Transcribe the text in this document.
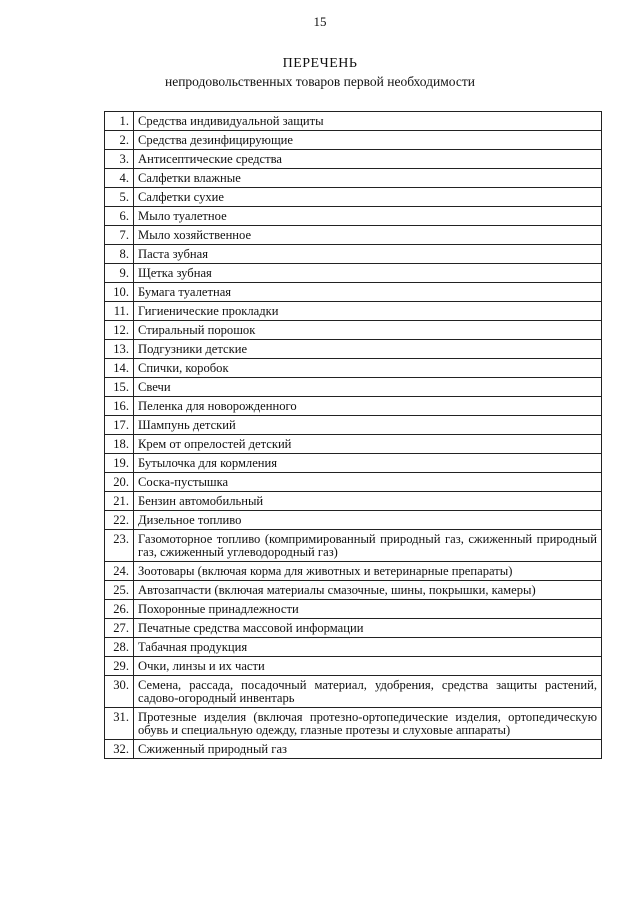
15
ПЕРЕЧЕНЬ
непродовольственных товаров первой необходимости
1.	Средства индивидуальной защиты
2.	Средства дезинфицирующие
3.	Антисептические средства
4.	Салфетки влажные
5.	Салфетки сухие
6.	Мыло туалетное
7.	Мыло хозяйственное
8.	Паста зубная
9.	Щетка зубная
10.	Бумага туалетная
11.	Гигиенические прокладки
12.	Стиральный порошок
13.	Подгузники детские
14.	Спички, коробок
15.	Свечи
16.	Пеленка для новорожденного
17.	Шампунь детский
18.	Крем от опрелостей детский
19.	Бутылочка для кормления
20.	Соска-пустышка
21.	Бензин автомобильный
22.	Дизельное топливо
23.	Газомоторное топливо (компримированный природный газ, сжиженный природный газ, сжиженный углеводородный газ)
24.	Зоотовары (включая корма для животных и ветеринарные препараты)
25.	Автозапчасти (включая материалы смазочные, шины, покрышки, камеры)
26.	Похоронные принадлежности
27.	Печатные средства массовой информации
28.	Табачная продукция
29.	Очки, линзы и их части
30.	Семена, рассада, посадочный материал, удобрения, средства защиты растений, садово-огородный инвентарь
31.	Протезные изделия (включая протезно-ортопедические изделия, ортопедическую обувь и специальную одежду, глазные протезы и слуховые аппараты)
32.	Сжиженный природный газ
